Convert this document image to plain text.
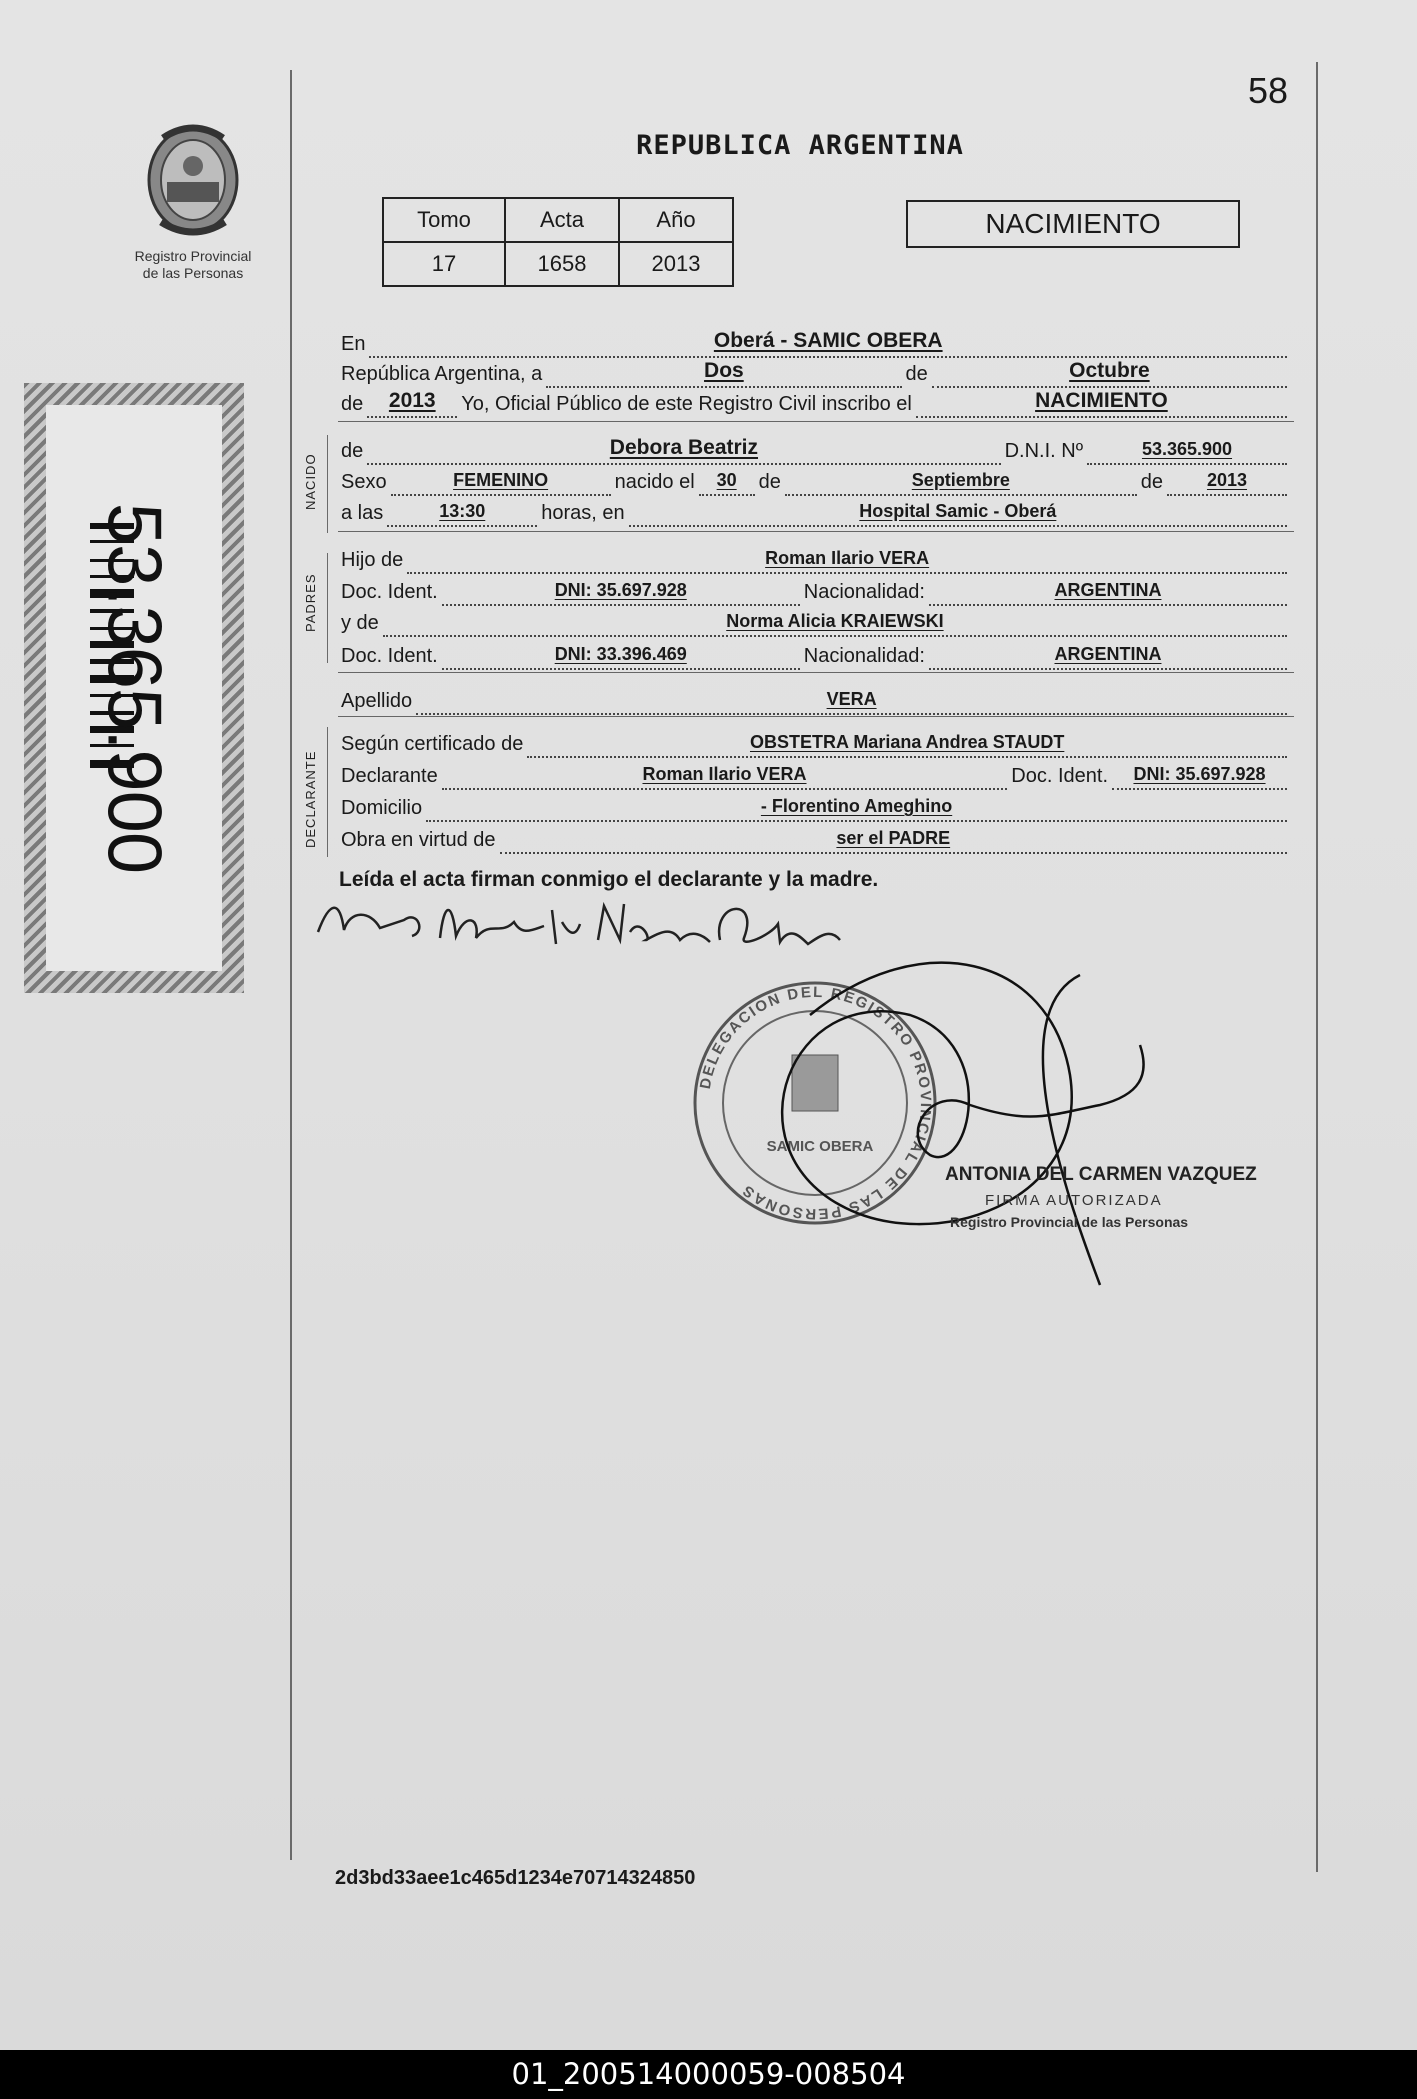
58
Registro Provincial
de las Personas
REPUBLICA ARGENTINA
Tomo	Acta	Año
17	1658	2013
NACIMIENTO
53.365.900
NACIDO
PADRES
DECLARANTE
En	Oberá - SAMIC OBERA
República Argentina, a	Dos	de	Octubre
de	2013	Yo, Oficial Público de este Registro Civil inscribo el	NACIMIENTO
de	Debora Beatriz	D.N.I. Nº	53.365.900
Sexo	FEMENINO	nacido el	30	de	Septiembre	de	2013
a las	13:30	horas, en	Hospital Samic - Oberá
Hijo de	Roman Ilario VERA
Doc. Ident.	DNI: 35.697.928	Nacionalidad:	ARGENTINA
y de	Norma Alicia KRAIEWSKI
Doc. Ident.	DNI: 33.396.469	Nacionalidad:	ARGENTINA
Apellido	VERA
Según certificado de	OBSTETRA Mariana Andrea STAUDT
Declarante	Roman Ilario VERA	Doc. Ident.	DNI: 35.697.928
Domicilio	- Florentino Ameghino
Obra en virtud de	ser el PADRE
Leída el acta firman conmigo el declarante y la madre.
DELEGACION DEL REGISTRO PROVINCIAL DE LAS PERSONAS
SAMIC OBERA
ANTONIA DEL CARMEN VAZQUEZ
FIRMA AUTORIZADA
Registro Provincial de las Personas
2d3bd33aee1c465d1234e70714324850
01_200514000059-008504
